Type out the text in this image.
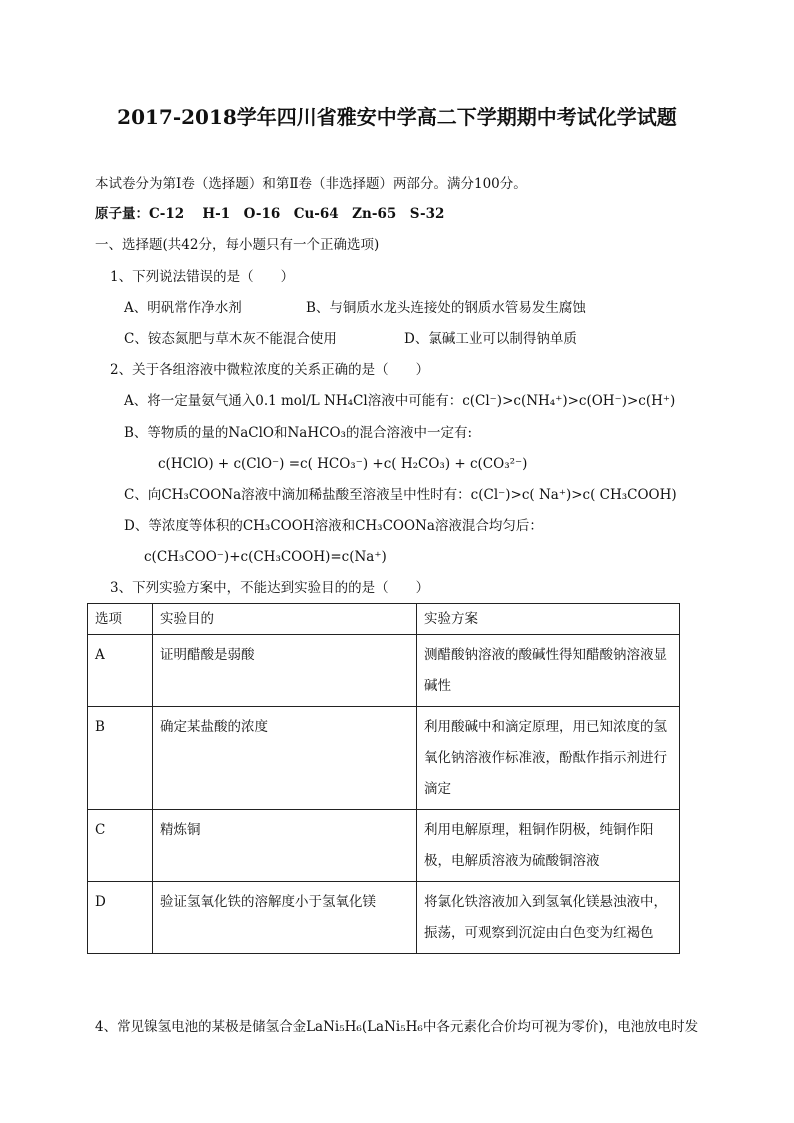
2017-2018学年四川省雅安中学高二下学期期中考试化学试题
本试卷分为第Ⅰ卷（选择题）和第Ⅱ卷（非选择题）两部分。满分100分。
原子量：C-12　 H-1　O-16　Cu-64　Zn-65　S-32
一、选择题(共42分，每小题只有一个正确选项)
1、下列说法错误的是（　　）
A、明矾常作净水剂	B、与铜质水龙头连接处的钢质水管易发生腐蚀
C、铵态氮肥与草木灰不能混合使用	D、氯碱工业可以制得钠单质
2、关于各组溶液中微粒浓度的关系正确的是（　　）
A、将一定量氨气通入0.1 mol/L NH₄Cl溶液中可能有：c(Cl⁻)>c(NH₄⁺)>c(OH⁻)>c(H⁺)
B、等物质的量的NaClO和NaHCO₃的混合溶液中一定有:
c(HClO) + c(ClO⁻) =c( HCO₃⁻) +c( H₂CO₃) + c(CO₃²⁻)
C、向CH₃COONa溶液中滴加稀盐酸至溶液呈中性时有：c(Cl⁻)>c( Na⁺)>c( CH₃COOH)
D、等浓度等体积的CH₃COOH溶液和CH₃COONa溶液混合均匀后：
c(CH₃COO⁻)+c(CH₃COOH)=c(Na⁺)
3、下列实验方案中，不能达到实验目的的是（　　）
选项	实验目的	实验方案
A	证明醋酸是弱酸	测醋酸钠溶液的酸碱性得知醋酸钠溶液显碱性
B	确定某盐酸的浓度	利用酸碱中和滴定原理，用已知浓度的氢氧化钠溶液作标准液，酚酞作指示剂进行滴定
C	精炼铜	利用电解原理，粗铜作阴极，纯铜作阳极，电解质溶液为硫酸铜溶液
D	验证氢氧化铁的溶解度小于氢氧化镁	将氯化铁溶液加入到氢氧化镁悬浊液中，振荡，可观察到沉淀由白色变为红褐色
4、常见镍氢电池的某极是储氢合金LaNi₅H₆(LaNi₅H₆中各元素化合价均可视为零价)，电池放电时发
